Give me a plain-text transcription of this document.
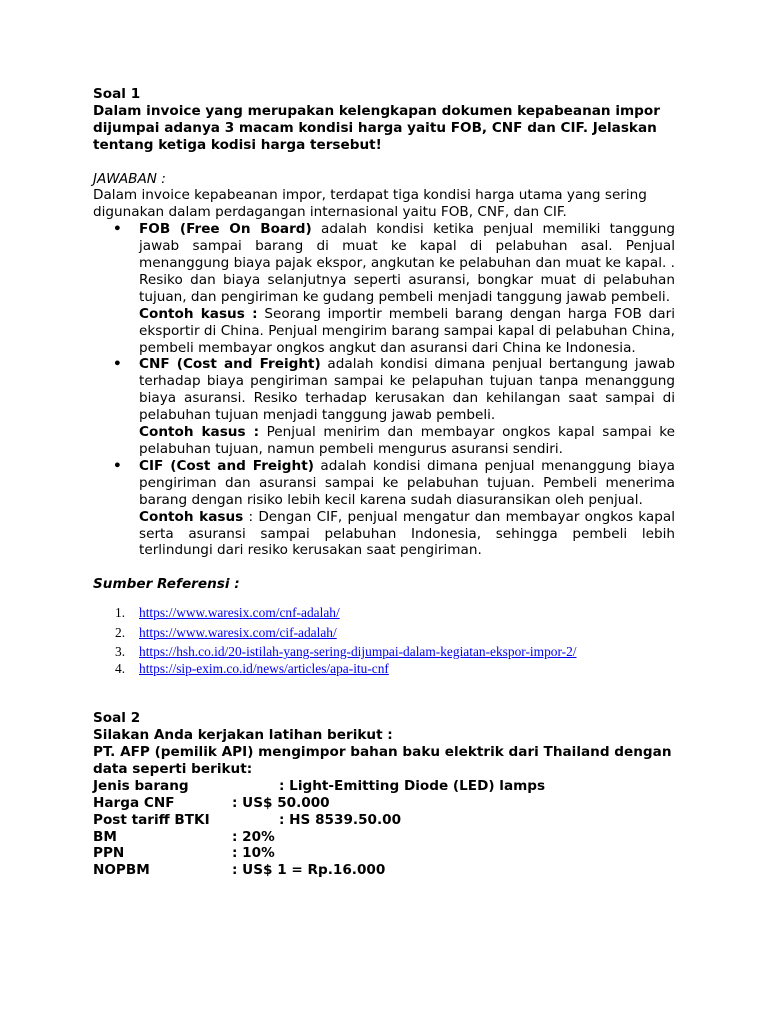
Soal 1

Dalam invoice yang merupakan kelengkapan dokumen kepabeanan impor dijumpai adanya 3 macam kondisi harga yaitu FOB, CNF dan CIF. Jelaskan tentang ketiga kodisi harga tersebut!

JAWABAN :

Dalam invoice kepabeanan impor, terdapat tiga kondisi harga utama yang sering digunakan dalam perdagangan internasional yaitu FOB, CNF, dan CIF.

• FOB (Free On Board) adalah kondisi ketika penjual memiliki tanggung jawab sampai barang di muat ke kapal di pelabuhan asal. Penjual menanggung biaya pajak ekspor, angkutan ke pelabuhan dan muat ke kapal. . Resiko dan biaya selanjutnya seperti asuransi, bongkar muat di pelabuhan tujuan, dan pengiriman ke gudang pembeli menjadi tanggung jawab pembeli.

Contoh kasus : Seorang importir membeli barang dengan harga FOB dari eksportir di China. Penjual mengirim barang sampai kapal di pelabuhan China, pembeli membayar ongkos angkut dan asuransi dari China ke Indonesia.

• CNF (Cost and Freight) adalah kondisi dimana penjual bertangung jawab terhadap biaya pengiriman sampai ke pelapuhan tujuan tanpa menanggung biaya asuransi. Resiko terhadap kerusakan dan kehilangan saat sampai di pelabuhan tujuan menjadi tanggung jawab pembeli.

Contoh kasus : Penjual menirim dan membayar ongkos kapal sampai ke pelabuhan tujuan, namun pembeli mengurus asuransi sendiri.

• CIF (Cost and Freight) adalah kondisi dimana penjual menanggung biaya pengiriman dan asuransi sampai ke pelabuhan tujuan. Pembeli menerima barang dengan risiko lebih kecil karena sudah diasuransikan oleh penjual.

Contoh kasus : Dengan CIF, penjual mengatur dan membayar ongkos kapal serta asuransi sampai pelabuhan Indonesia, sehingga pembeli lebih terlindungi dari resiko kerusakan saat pengiriman.

Sumber Referensi :

1. https://www.waresix.com/cnf-adalah/
2. https://www.waresix.com/cif-adalah/
3. https://hsh.co.id/20-istilah-yang-sering-dijumpai-dalam-kegiatan-ekspor-impor-2/
4. https://sip-exim.co.id/news/articles/apa-itu-cnf

Soal 2

Silakan Anda kerjakan latihan berikut :

PT. AFP (pemilik API) mengimpor bahan baku elektrik dari Thailand dengan data seperti berikut:

Jenis barang	: Light-Emitting Diode (LED) lamps
Harga CNF	: US$ 50.000
Post tariff BTKI	: HS 8539.50.00
BM	: 20%
PPN	: 10%
NOPBM	: US$ 1 = Rp.16.000
